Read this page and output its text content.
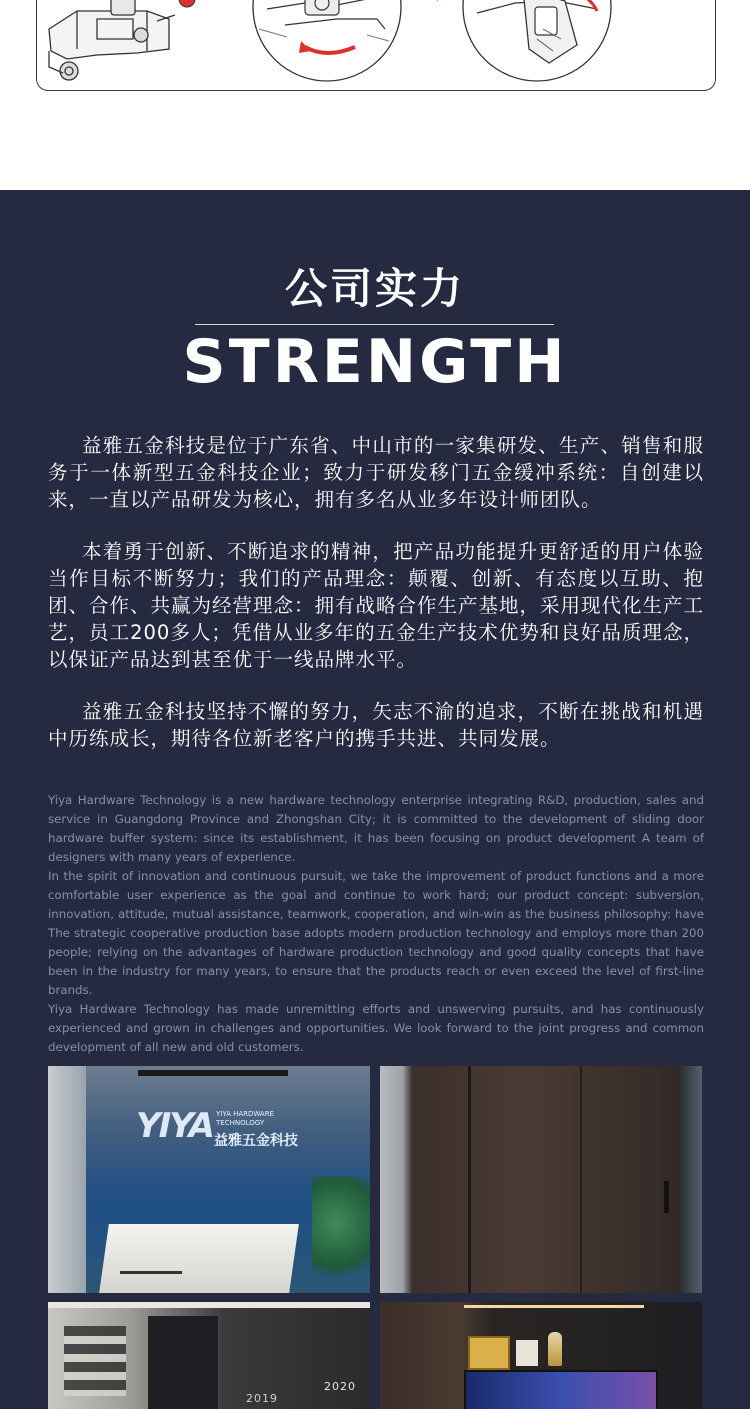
公司实力
STRENGTH

益雅五金科技是位于广东省、中山市的一家集研发、生产、销售和服务于一体新型五金科技企业；致力于研发移门五金缓冲系统：自创建以来，一直以产品研发为核心，拥有多名从业多年设计师团队。

本着勇于创新、不断追求的精神，把产品功能提升更舒适的用户体验当作目标不断努力；我们的产品理念：颠覆、创新、有态度以互助、抱团、合作、共赢为经营理念：拥有战略合作生产基地，采用现代化生产工艺，员工200多人；凭借从业多年的五金生产技术优势和良好品质理念，以保证产品达到甚至优于一线品牌水平。

益雅五金科技坚持不懈的努力，矢志不渝的追求，不断在挑战和机遇中历练成长，期待各位新老客户的携手共进、共同发展。

Yiya Hardware Technology is a new hardware technology enterprise integrating R&D, production, sales and service in Guangdong Province and Zhongshan City; it is committed to the development of sliding door hardware buffer system: since its establishment, it has been focusing on product development A team of designers with many years of experience.

In the spirit of innovation and continuous pursuit, we take the improvement of product functions and a more comfortable user experience as the goal and continue to work hard; our product concept: subversion, innovation, attitude, mutual assistance, teamwork, cooperation, and win-win as the business philosophy: have The strategic cooperative production base adopts modern production technology and employs more than 200 people; relying on the advantages of hardware production technology and good quality concepts that have been in the industry for many years, to ensure that the products reach or even exceed the level of first-line brands.

Yiya Hardware Technology has made unremitting efforts and unswerving pursuits, and has continuously experienced and grown in challenges and opportunities. We look forward to the joint progress and common development of all new and old customers.

YIYA YIYA HARDWARE
TECHNOLOGY
益雅五金科技
2019
2020
